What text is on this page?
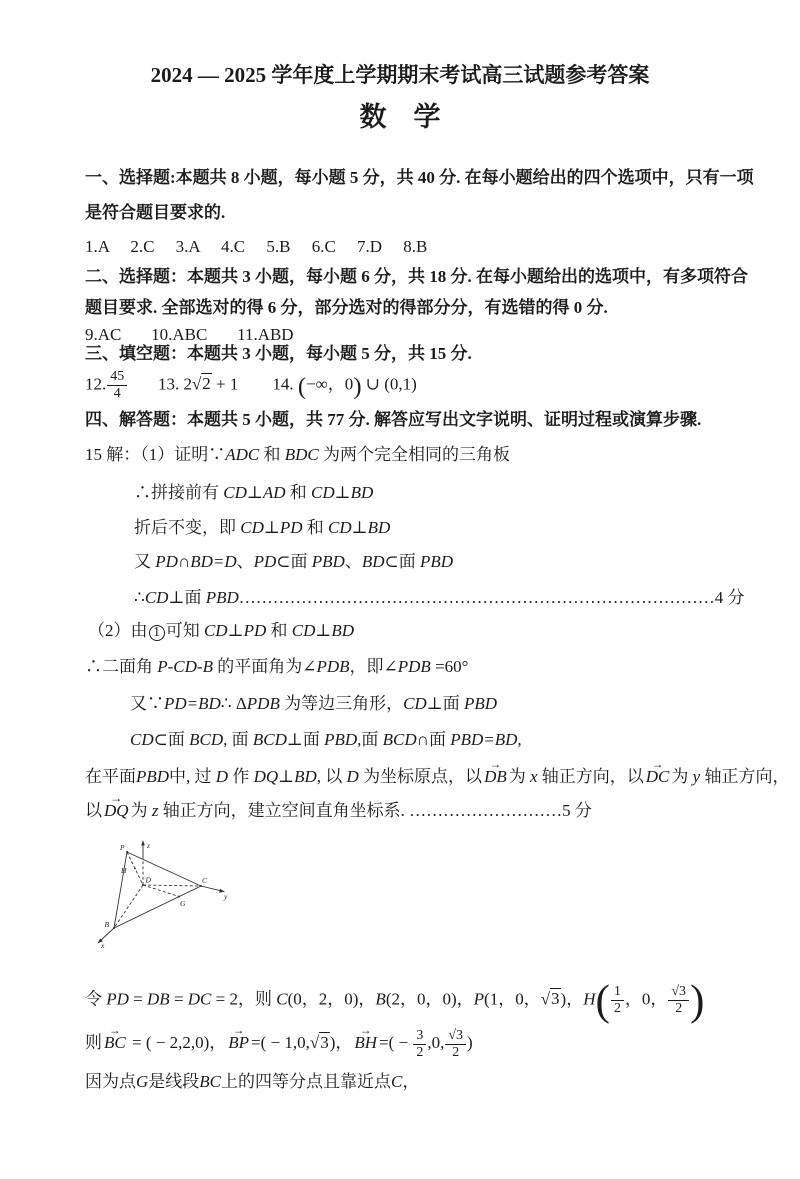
P	z
H
D	C
y
G
B
x
2024 — 2025 学年度上学期期末考试高三试题参考答案
数　学
一、选择题:本题共 8 小题，每小题 5 分，共 40 分. 在每小题给出的四个选项中，只有一项
是符合题目要求的.
1.A     2.C     3.A     4.C     5.B     6.C     7.D     8.B
二、选择题：本题共 3 小题，每小题 6 分，共 18 分. 在每小题给出的选项中，有多项符合
题目要求. 全部选对的得 6 分，部分选对的得部分分，有选错的得 0 分.
9.AC       10.ABC       11.ABD
三、填空题：本题共 3 小题，每小题 5 分，共 15 分.
12. $\frac{45}{4} 13$. 2√2 + 1        14. (−∞，0) ∪ (0,1)
四、解答题：本题共 5 小题，共 77 分. 解答应写出文字说明、证明过程或演算步骤.
15 解：（1）证明∵ADC 和 BDC 为两个完全相同的三角板
∴拼接前有 CD⊥AD 和 CD⊥BD
折后不变，即 CD⊥PD 和 CD⊥BD
又 PD∩BD=D、PD⊂面 PBD、BD⊂面 PBD
∴CD⊥面 PBD…………………………………………………………………………4 分
（2）由 1 可知 CD⊥PD 和 CD⊥BD
∴二面角 P-CD-B 的平面角为∠PDB，即∠PDB =60°
又∵PD=BD∴ ΔPDB 为等边三角形，CD⊥面 PBD
CD⊂面 BCD, 面 BCD⊥面 PBD,面 BCD∩面 PBD=BD,
在平面PBD中, 过 D 作 DQ⊥BD, 以 D 为坐标原点，以
→
DB 为 x 轴正方向，以
→
DC 为 y 轴正方向，
以
→
DQ 为 z 轴正方向，建立空间直角坐标系. ………………………5 分
令 PD = DB = DC = 2，则 C(0，2，0)，B(2，0，0)，P(1，0，√3)，$H( \frac{1}{2}$ ，0， $\frac{√3}{2}$ )
则
→
BC = ( − 2,2,0)，
→
BP =( − 1,0,√3)，
→
BH =( − $\frac{3}{2} ,0$, $\frac{√3}{2}$ )
因为点G是线段BC上的四等分点且靠近点C，
